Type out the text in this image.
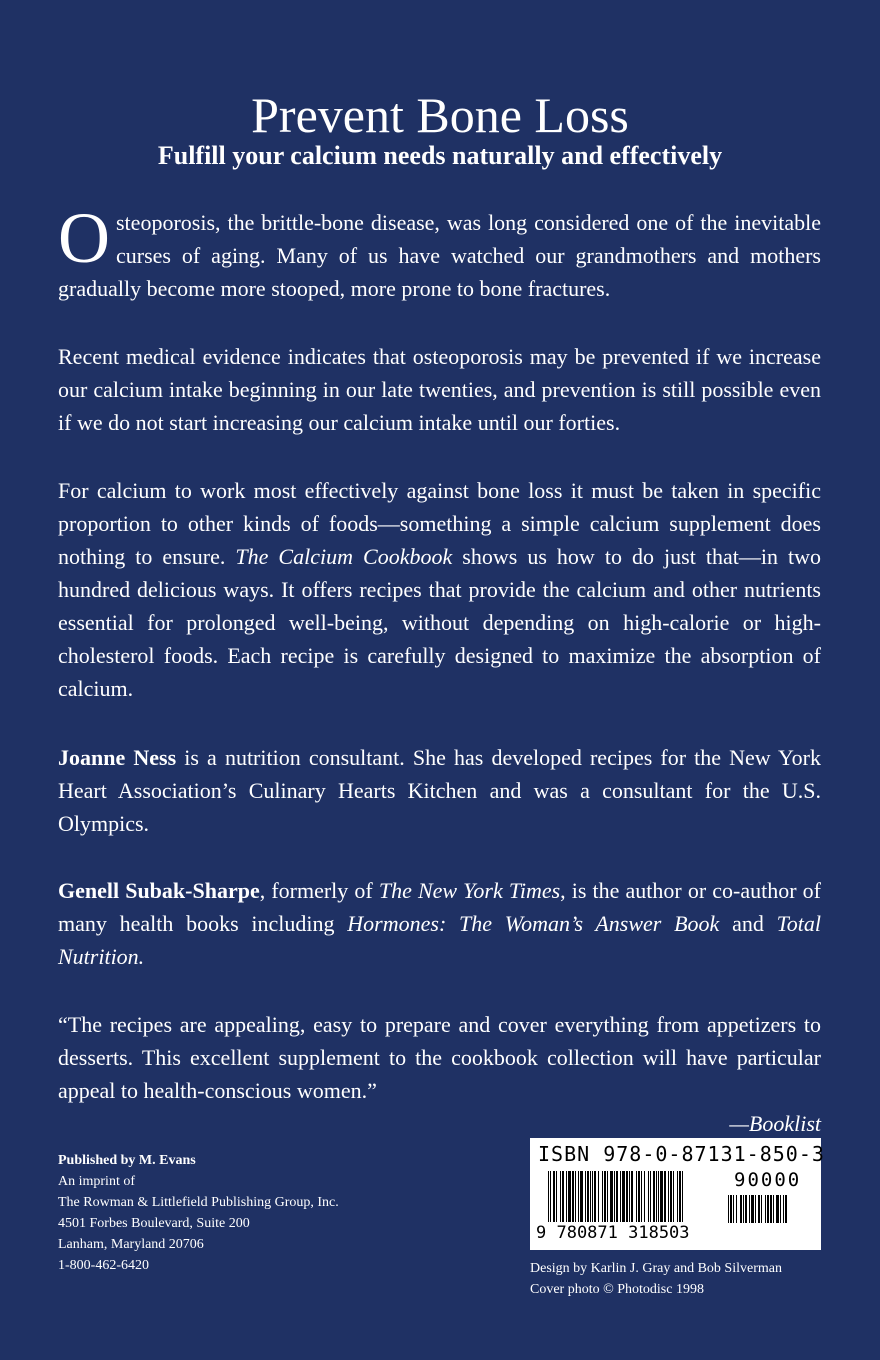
Prevent Bone Loss
Fulfill your calcium needs naturally and effectively

Osteoporosis, the brittle-bone disease, was long considered one of the inevitable curses of aging. Many of us have watched our grandmothers and mothers gradually become more stooped, more prone to bone fractures.

Recent medical evidence indicates that osteoporosis may be prevented if we increase our calcium intake beginning in our late twenties, and prevention is still possible even if we do not start increasing our calcium intake until our forties.

For calcium to work most effectively against bone loss it must be taken in specific proportion to other kinds of foods—something a simple calcium supplement does nothing to ensure. The Calcium Cookbook shows us how to do just that—in two hundred delicious ways. It offers recipes that provide the calcium and other nutrients essential for prolonged well-being, without depending on high-calorie or high-cholesterol foods. Each recipe is carefully designed to maximize the absorption of calcium.

Joanne Ness is a nutrition consultant. She has developed recipes for the New York Heart Association’s Culinary Hearts Kitchen and was a consultant for the U.S. Olympics.

Genell Subak-Sharpe, formerly of The New York Times, is the author or co-author of many health books including Hormones: The Woman’s Answer Book and Total Nutrition.

“The recipes are appealing, easy to prepare and cover everything from appetizers to desserts. This excellent supplement to the cookbook collection will have particular appeal to health-conscious women.”
—Booklist

Published by M. Evans
An imprint of
The Rowman & Littlefield Publishing Group, Inc.
4501 Forbes Boulevard, Suite 200
Lanham, Maryland 20706
1-800-462-6420
ISBN 978-0-87131-850-3
90000
9 780871 318503
Design by Karlin J. Gray and Bob Silverman
Cover photo © Photodisc 1998
